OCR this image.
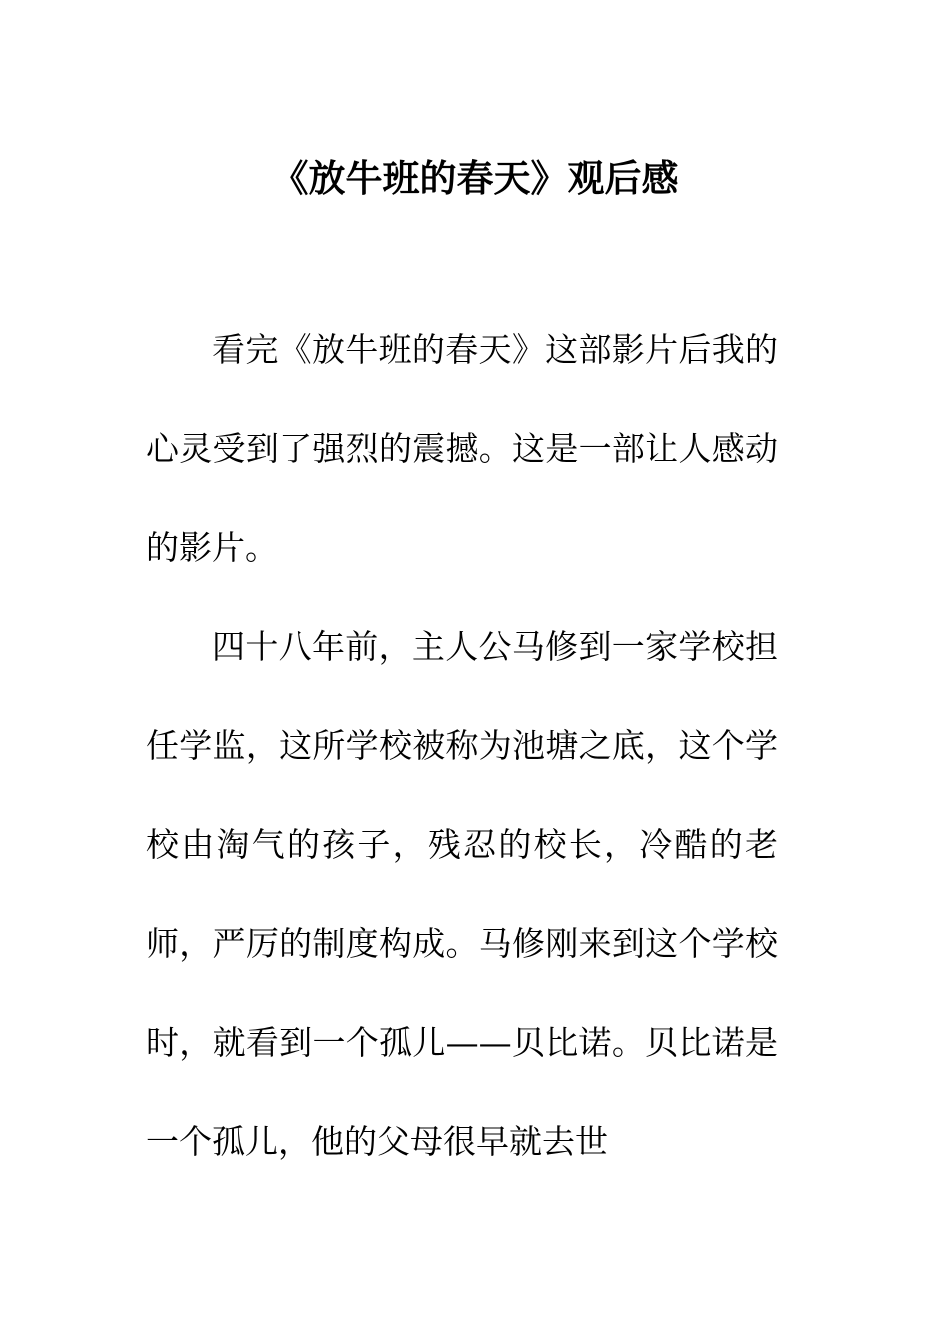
《放牛班的春天》观后感

看完《放牛班的春天》这部影片后我的心灵受到了强烈的震撼。这是一部让人感动的影片。

四十八年前，主人公马修到一家学校担任学监，这所学校被称为池塘之底，这个学校由淘气的孩子，残忍的校长，冷酷的老师，严厉的制度构成。马修刚来到这个学校时，就看到一个孤儿——贝比诺。贝比诺是一个孤儿，他的父母很早就去世
